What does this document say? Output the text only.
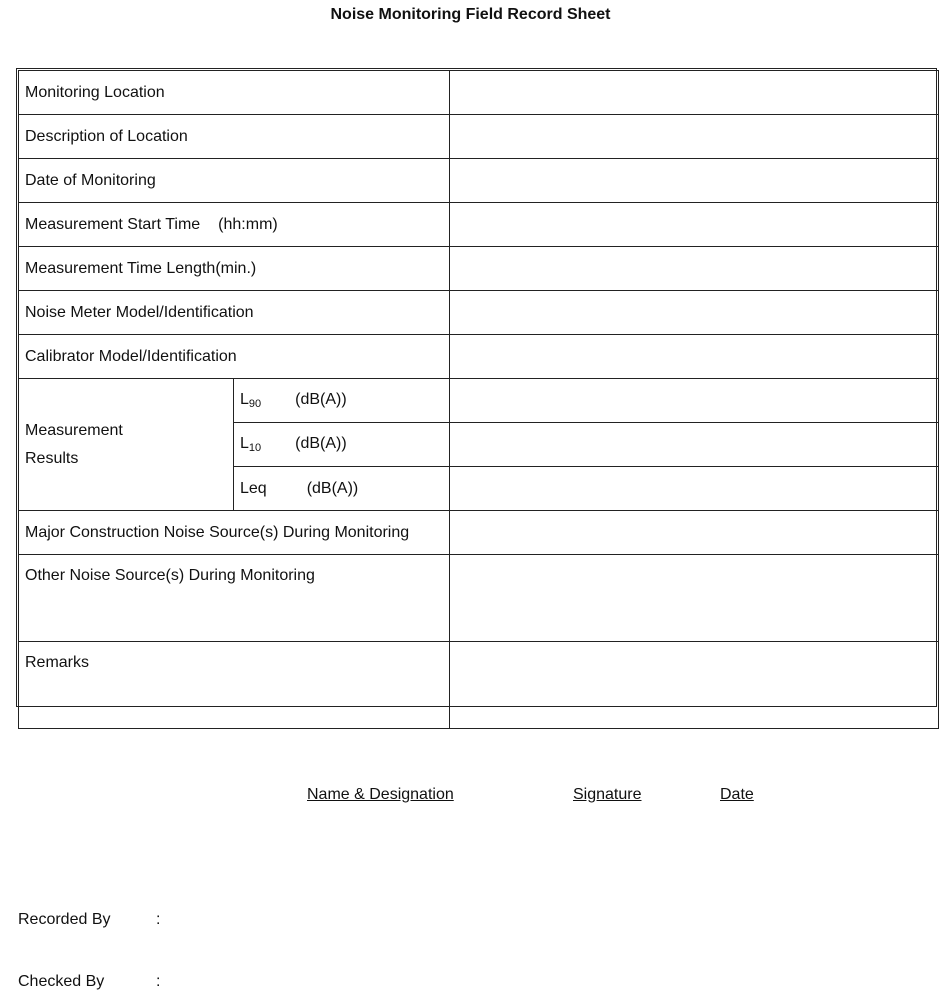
Noise Monitoring Field Record Sheet
Monitoring Location		
Description of Location		
Date of Monitoring		
Measurement Start Time (hh:mm)		
Measurement Time Length(min.)		
Noise Meter Model/Identification		
Calibrator Model/Identification		

Measurement
Results	$L_{90}$ (dB(A))	
	$L_{10}$ (dB(A))	
	Leq (dB(A))	
Major Construction Noise Source(s) During Monitoring		
Other Noise Source(s) During Monitoring		
Remarks		
Name & Designation	Signature	Date
Recorded By	:
Checked By	:
